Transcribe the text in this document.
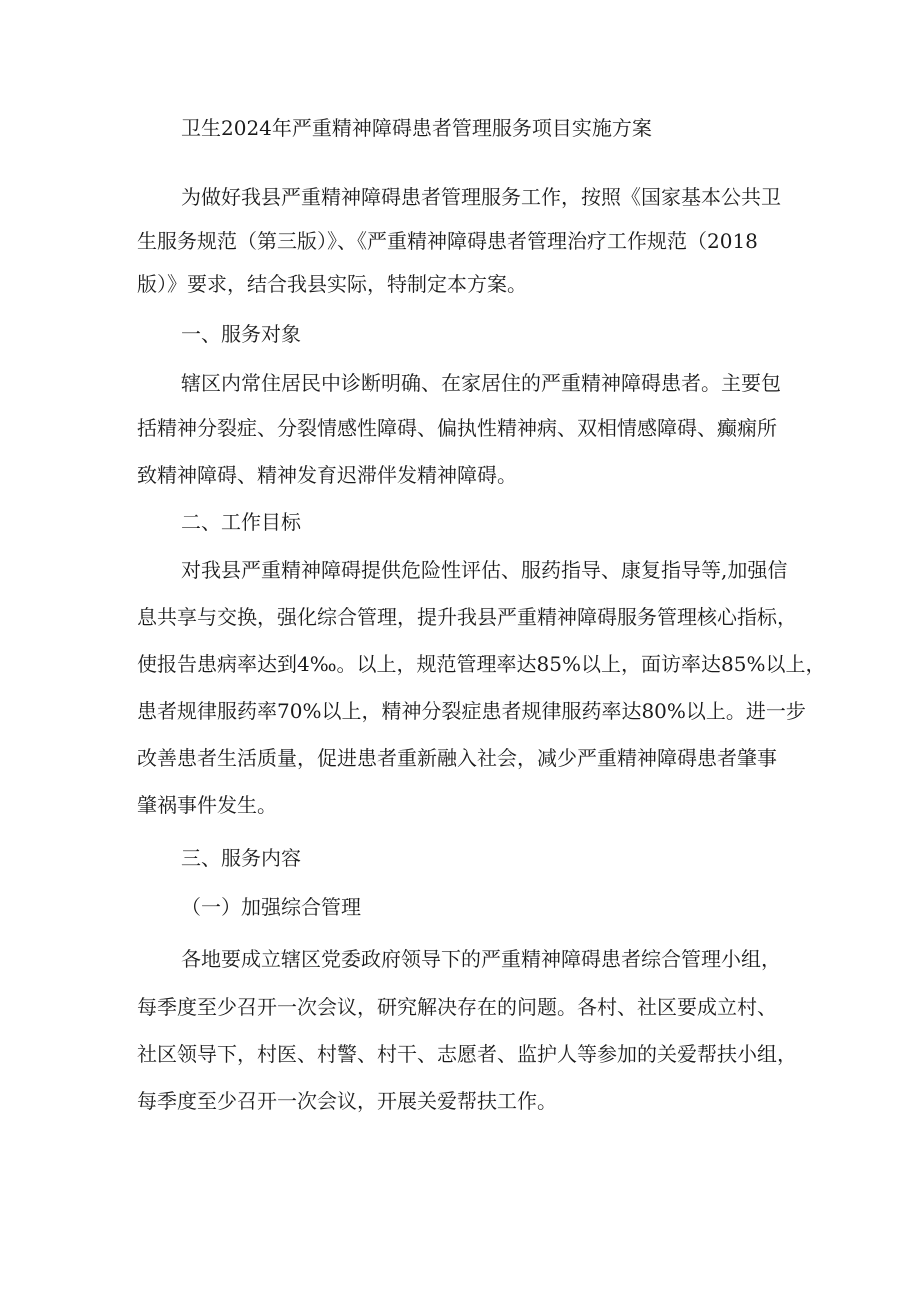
卫生2024年严重精神障碍患者管理服务项目实施方案
为做好我县严重精神障碍患者管理服务工作，按照《国家基本公共卫
生服务规范（第三版）》、《严重精神障碍患者管理治疗工作规范（2018
版）》要求，结合我县实际，特制定本方案。
一、服务对象
辖区内常住居民中诊断明确、在家居住的严重精神障碍患者。主要包
括精神分裂症、分裂情感性障碍、偏执性精神病、双相情感障碍、癫痫所
致精神障碍、精神发育迟滞伴发精神障碍。
二、工作目标
对我县严重精神障碍提供危险性评估、服药指导、康复指导等,加强信
息共享与交换，强化综合管理，提升我县严重精神障碍服务管理核心指标，
使报告患病率达到4‰。以上，规范管理率达85%以上，面访率达85%以上，
患者规律服药率70%以上，精神分裂症患者规律服药率达80%以上。进一步
改善患者生活质量，促进患者重新融入社会，减少严重精神障碍患者肇事
肇祸事件发生。
三、服务内容
（一）加强综合管理
各地要成立辖区党委政府领导下的严重精神障碍患者综合管理小组，
每季度至少召开一次会议，研究解决存在的问题。各村、社区要成立村、
社区领导下，村医、村警、村干、志愿者、监护人等参加的关爱帮扶小组，
每季度至少召开一次会议，开展关爱帮扶工作。
